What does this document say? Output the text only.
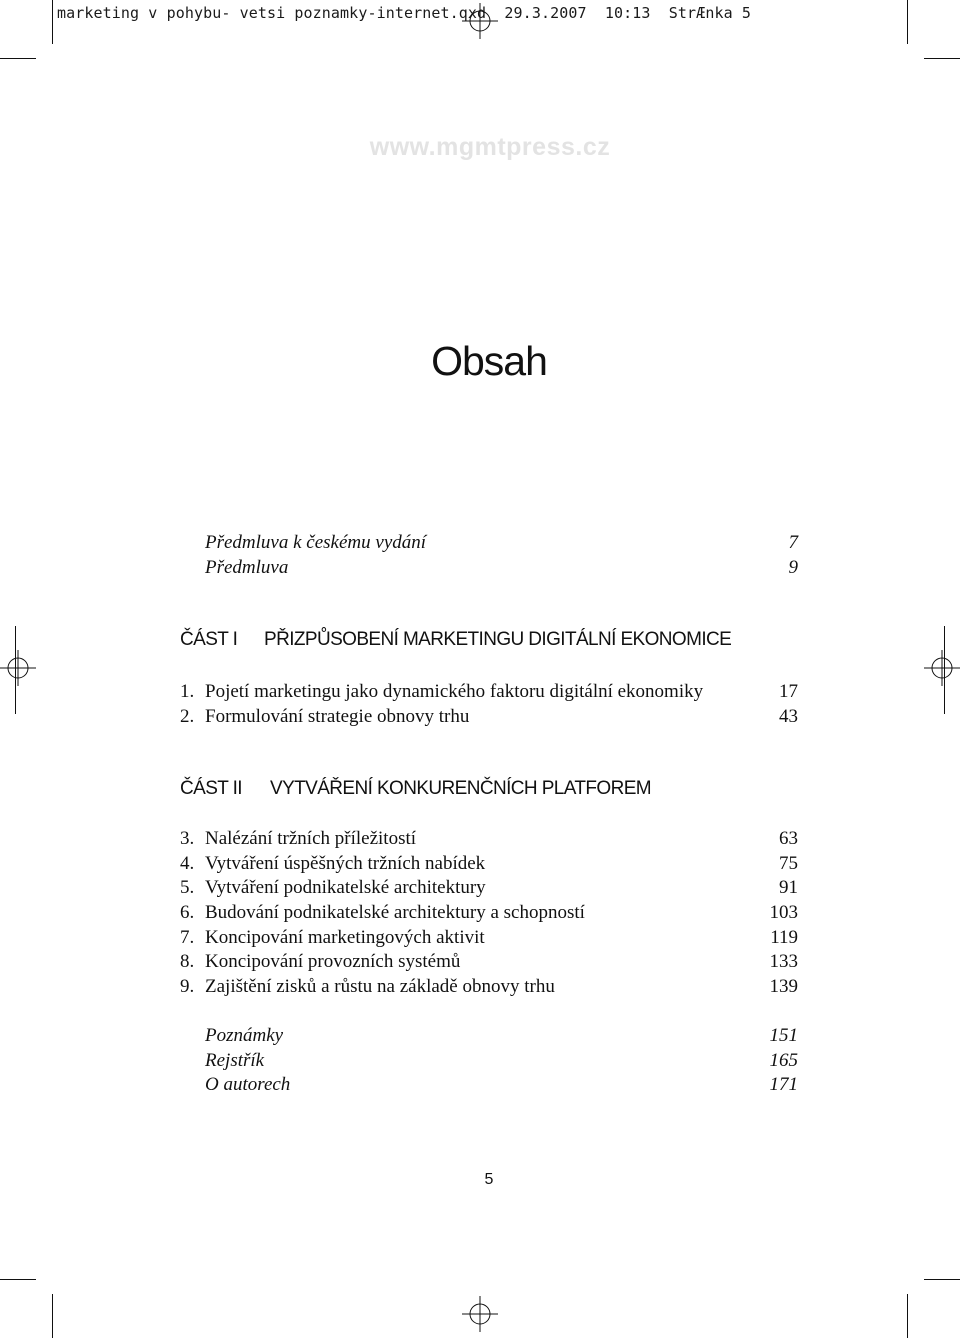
marketing v pohybu- vetsi poznamky-internet.qxd 29.3.2007 10:13 StrÆnka 5
www.mgmtpress.cz
Obsah
Předmluva k českému vydání	7
Předmluva	9
ČÁST I PŘIZPŮSOBENÍ MARKETINGU DIGITÁLNÍ EKONOMICE
1. Pojetí marketingu jako dynamického faktoru digitální ekonomiky	17
2. Formulování strategie obnovy trhu	43
ČÁST II VYTVÁŘENÍ KONKURENČNÍCH PLATFOREM
3. Nalézání tržních příležitostí	63
4. Vytváření úspěšných tržních nabídek	75
5. Vytváření podnikatelské architektury	91
6. Budování podnikatelské architektury a schopností	103
7. Koncipování marketingových aktivit	119
8. Koncipování provozních systémů	133
9. Zajištění zisků a růstu na základě obnovy trhu	139
Poznámky	151
Rejstřík	165
O autorech	171
5
